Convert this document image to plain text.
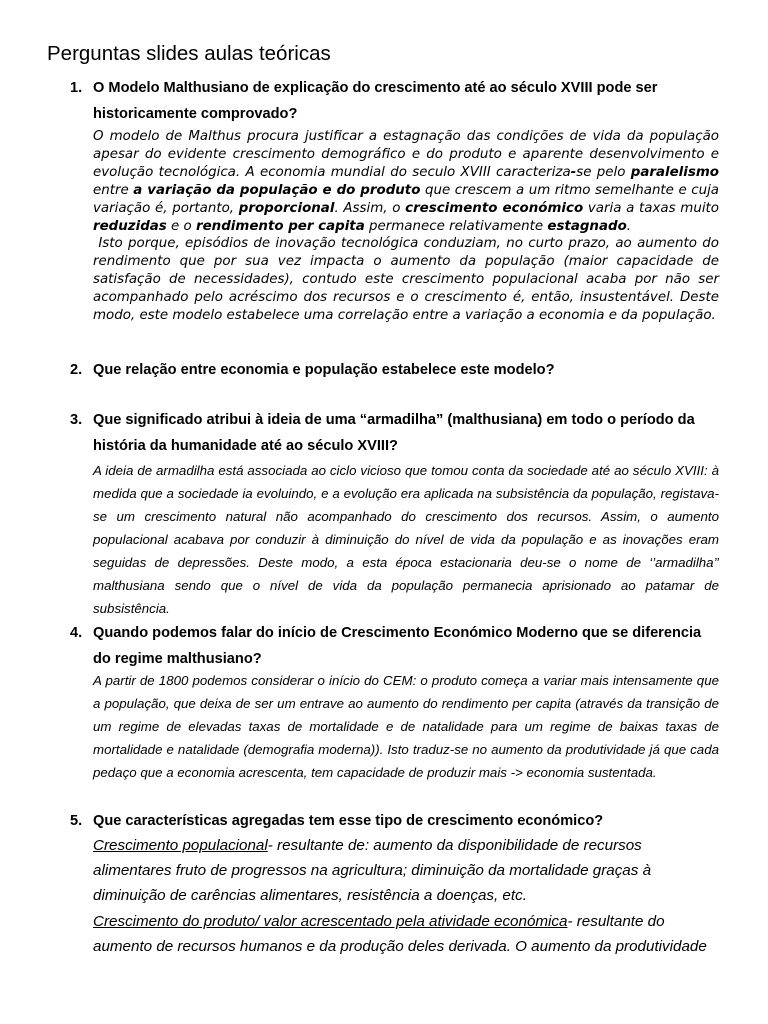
Perguntas slides aulas teóricas
1. O Modelo Malthusiano de explicação do crescimento até ao século XVIII pode ser historicamente comprovado?

O modelo de Malthus procura justificar a estagnação das condições de vida da população apesar do evidente crescimento demográfico e do produto e aparente desenvolvimento e evolução tecnológica. A economia mundial do seculo XVIII caracteriza-se pelo paralelismo entre a variação da população e do produto que crescem a um ritmo semelhante e cuja variação é, portanto, proporcional. Assim, o crescimento económico varia a taxas muito reduzidas e o rendimento per capita permanece relativamente estagnado.

Isto porque, episódios de inovação tecnológica conduziam, no curto prazo, ao aumento do rendimento que por sua vez impacta o aumento da população (maior capacidade de satisfação de necessidades), contudo este crescimento populacional acaba por não ser acompanhado pelo acréscimo dos recursos e o crescimento é, então, insustentável. Deste modo, este modelo estabelece uma correlação entre a variação a economia e da população.

2. Que relação entre economia e população estabelece este modelo?
3. Que significado atribui à ideia de uma “armadilha” (malthusiana) em todo o período da história da humanidade até ao século XVIII?
A ideia de armadilha está associada ao ciclo vicioso que tomou conta da sociedade até ao século XVIII: à medida que a sociedade ia evoluindo, e a evolução era aplicada na subsistência da população, registava-se um crescimento natural não acompanhado do crescimento dos recursos. Assim, o aumento populacional acabava por conduzir à diminuição do nível de vida da população e as inovações eram seguidas de depressões. Deste modo, a esta época estacionaria deu-se o nome de ‘’armadilha’’ malthusiana sendo que o nível de vida da população permanecia aprisionado ao patamar de subsistência.
4. Quando podemos falar do início de Crescimento Económico Moderno que se diferencia do regime malthusiano?
A partir de 1800 podemos considerar o início do CEM: o produto começa a variar mais intensamente que a população, que deixa de ser um entrave ao aumento do rendimento per capita (através da transição de um regime de elevadas taxas de mortalidade e de natalidade para um regime de baixas taxas de mortalidade e natalidade (demografia moderna)). Isto traduz-se no aumento da produtividade já que cada pedaço que a economia acrescenta, tem capacidade de produzir mais -> economia sustentada.
5. Que características agregadas tem esse tipo de crescimento económico?

Crescimento populacional- resultante de: aumento da disponibilidade de recursos alimentares fruto de progressos na agricultura; diminuição da mortalidade graças à diminuição de carências alimentares, resistência a doenças, etc.

Crescimento do produto/ valor acrescentado pela atividade económica- resultante do aumento de recursos humanos e da produção deles derivada. O aumento da produtividade
